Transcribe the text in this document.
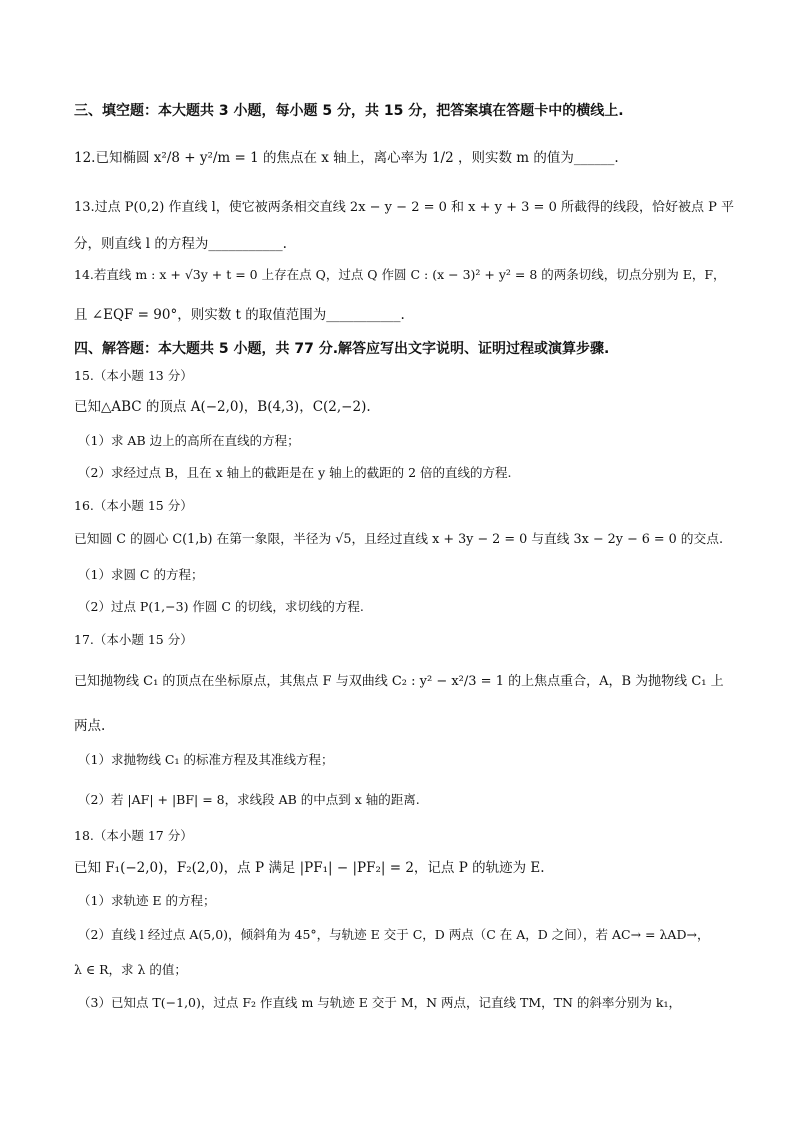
三、填空题：本大题共 3 小题，每小题 5 分，共 15 分，把答案填在答题卡中的横线上.
12.已知椭圆 x²/8 + y²/m = 1 的焦点在 x 轴上，离心率为 1/2 ，则实数 m 的值为______.
13.过点 P(0,2) 作直线 l，使它被两条相交直线 2x − y − 2 = 0 和 x + y + 3 = 0 所截得的线段，恰好被点 P 平
分，则直线 l 的方程为___________.
14.若直线 m : x + √3y + t = 0 上存在点 Q，过点 Q 作圆 C : (x − 3)² + y² = 8 的两条切线，切点分别为 E，F，
且 ∠EQF = 90°，则实数 t 的取值范围为___________.
四、解答题：本大题共 5 小题，共 77 分.解答应写出文字说明、证明过程或演算步骤.
15.（本小题 13 分）
已知△ABC 的顶点 A(−2,0)，B(4,3)，C(2,−2).
（1）求 AB 边上的高所在直线的方程；
（2）求经过点 B，且在 x 轴上的截距是在 y 轴上的截距的 2 倍的直线的方程.
16.（本小题 15 分）
已知圆 C 的圆心 C(1,b) 在第一象限，半径为 √5，且经过直线 x + 3y − 2 = 0 与直线 3x − 2y − 6 = 0 的交点.
（1）求圆 C 的方程；
（2）过点 P(1,−3) 作圆 C 的切线，求切线的方程.
17.（本小题 15 分）
已知抛物线 C₁ 的顶点在坐标原点，其焦点 F 与双曲线 C₂ : y² − x²/3 = 1 的上焦点重合，A，B 为抛物线 C₁ 上
两点.
（1）求抛物线 C₁ 的标准方程及其准线方程；
（2）若 |AF| + |BF| = 8，求线段 AB 的中点到 x 轴的距离.
18.（本小题 17 分）
已知 F₁(−2,0)，F₂(2,0)，点 P 满足 |PF₁| − |PF₂| = 2，记点 P 的轨迹为 E.
（1）求轨迹 E 的方程；
（2）直线 l 经过点 A(5,0)，倾斜角为 45°，与轨迹 E 交于 C，D 两点（C 在 A，D 之间），若 AC→ = λAD→，
λ ∈ R，求 λ 的值；
（3）已知点 T(−1,0)，过点 F₂ 作直线 m 与轨迹 E 交于 M，N 两点，记直线 TM，TN 的斜率分别为 k₁，
